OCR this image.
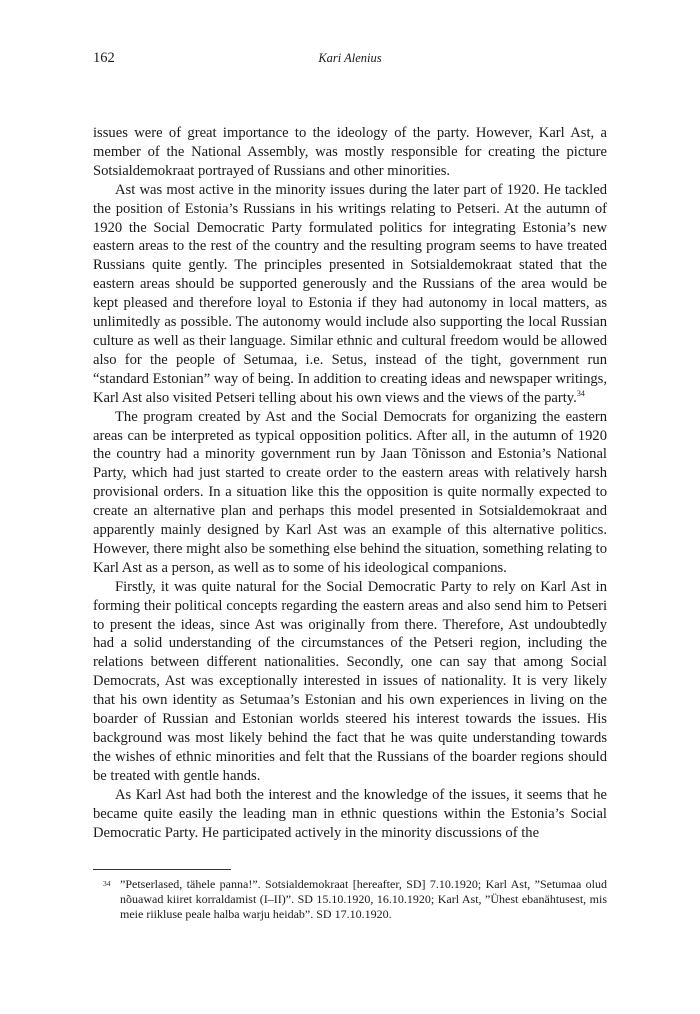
162	Kari Alenius

issues were of great importance to the ideology of the party. However, Karl Ast, a member of the National Assembly, was mostly responsible for creating the picture Sotsialdemokraat portrayed of Russians and other minorities.

Ast was most active in the minority issues during the later part of 1920. He tackled the position of Estonia’s Russians in his writings relating to Petseri. At the autumn of 1920 the Social Democratic Party formulated politics for integrating Estonia’s new eastern areas to the rest of the country and the resulting program seems to have treated Russians quite gently. The principles presented in Sotsialdemokraat stated that the eastern areas should be supported generously and the Russians of the area would be kept pleased and therefore loyal to Estonia if they had autonomy in local matters, as unlimitedly as possible. The autonomy would include also supporting the local Russian culture as well as their language. Similar ethnic and cultural freedom would be allowed also for the people of Setumaa, i.e. Setus, instead of the tight, government run “standard Estonian” way of being. In addition to creating ideas and newspaper writings, Karl Ast also visited Petseri telling about his own views and the views of the party.$^{34}$

The program created by Ast and the Social Democrats for organizing the eastern areas can be interpreted as typical opposition politics. After all, in the autumn of 1920 the country had a minority government run by Jaan Tõnisson and Estonia’s National Party, which had just started to create order to the eastern areas with relatively harsh provisional orders. In a situation like this the opposition is quite normally expected to create an alternative plan and perhaps this model presented in Sotsialdemokraat and apparently mainly designed by Karl Ast was an example of this alternative politics. However, there might also be something else behind the situation, something relating to Karl Ast as a person, as well as to some of his ideological companions.

Firstly, it was quite natural for the Social Democratic Party to rely on Karl Ast in forming their political concepts regarding the eastern areas and also send him to Petseri to present the ideas, since Ast was originally from there. Therefore, Ast undoubtedly had a solid understanding of the circumstances of the Petseri region, including the relations between different nationalities. Secondly, one can say that among Social Democrats, Ast was exceptionally interested in issues of nationality. It is very likely that his own identity as Setumaa’s Estonian and his own experiences in living on the boarder of Russian and Estonian worlds steered his interest towards the issues. His background was most likely behind the fact that he was quite understanding towards the wishes of ethnic minorities and felt that the Russians of the boarder regions should be treated with gentle hands.

As Karl Ast had both the interest and the knowledge of the issues, it seems that he became quite easily the leading man in ethnic questions within the Estonia’s Social Democratic Party. He participated actively in the minority discussions of the

34 ”Petserlased, tähele panna!”. Sotsialdemokraat [hereafter, SD] 7.10.1920; Karl Ast, ”Setumaa olud nõuawad kiiret korraldamist (I–II)”. SD 15.10.1920, 16.10.1920; Karl Ast, ”Ühest ebanähtusest, mis meie riikluse peale halba warju heidab”. SD 17.10.1920.
